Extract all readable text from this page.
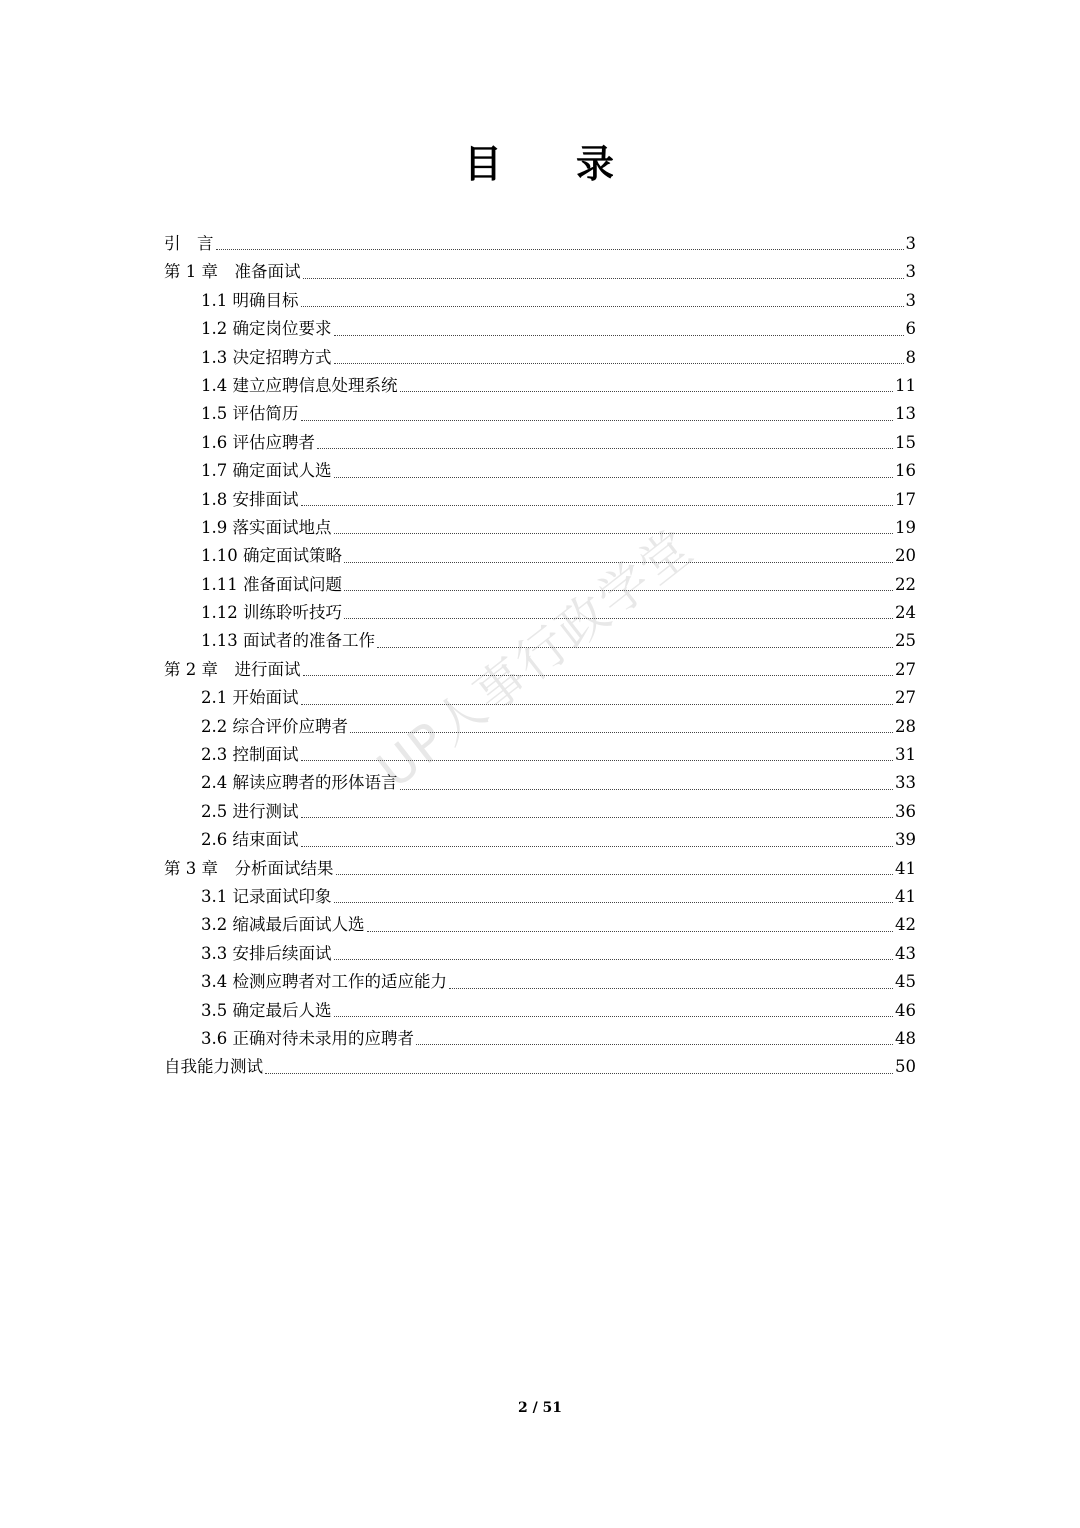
目 录
引　言	3
第 1 章　准备面试	3
1.1 明确目标	3
1.2 确定岗位要求	6
1.3 决定招聘方式	8
1.4 建立应聘信息处理系统	11
1.5 评估简历	13
1.6 评估应聘者	15
1.7 确定面试人选	16
1.8 安排面试	17
1.9 落实面试地点	19
1.10 确定面试策略	20
1.11 准备面试问题	22
1.12 训练聆听技巧	24
1.13 面试者的准备工作	25
第 2 章　进行面试	27
2.1 开始面试	27
2.2 综合评价应聘者	28
2.3 控制面试	31
2.4 解读应聘者的形体语言	33
2.5 进行测试	36
2.6 结束面试	39
第 3 章　分析面试结果	41
3.1 记录面试印象	41
3.2 缩减最后面试人选	42
3.3 安排后续面试	43
3.4 检测应聘者对工作的适应能力	45
3.5 确定最后人选	46
3.6 正确对待未录用的应聘者	48
自我能力测试	50
UP人事行政学堂
2 / 51
